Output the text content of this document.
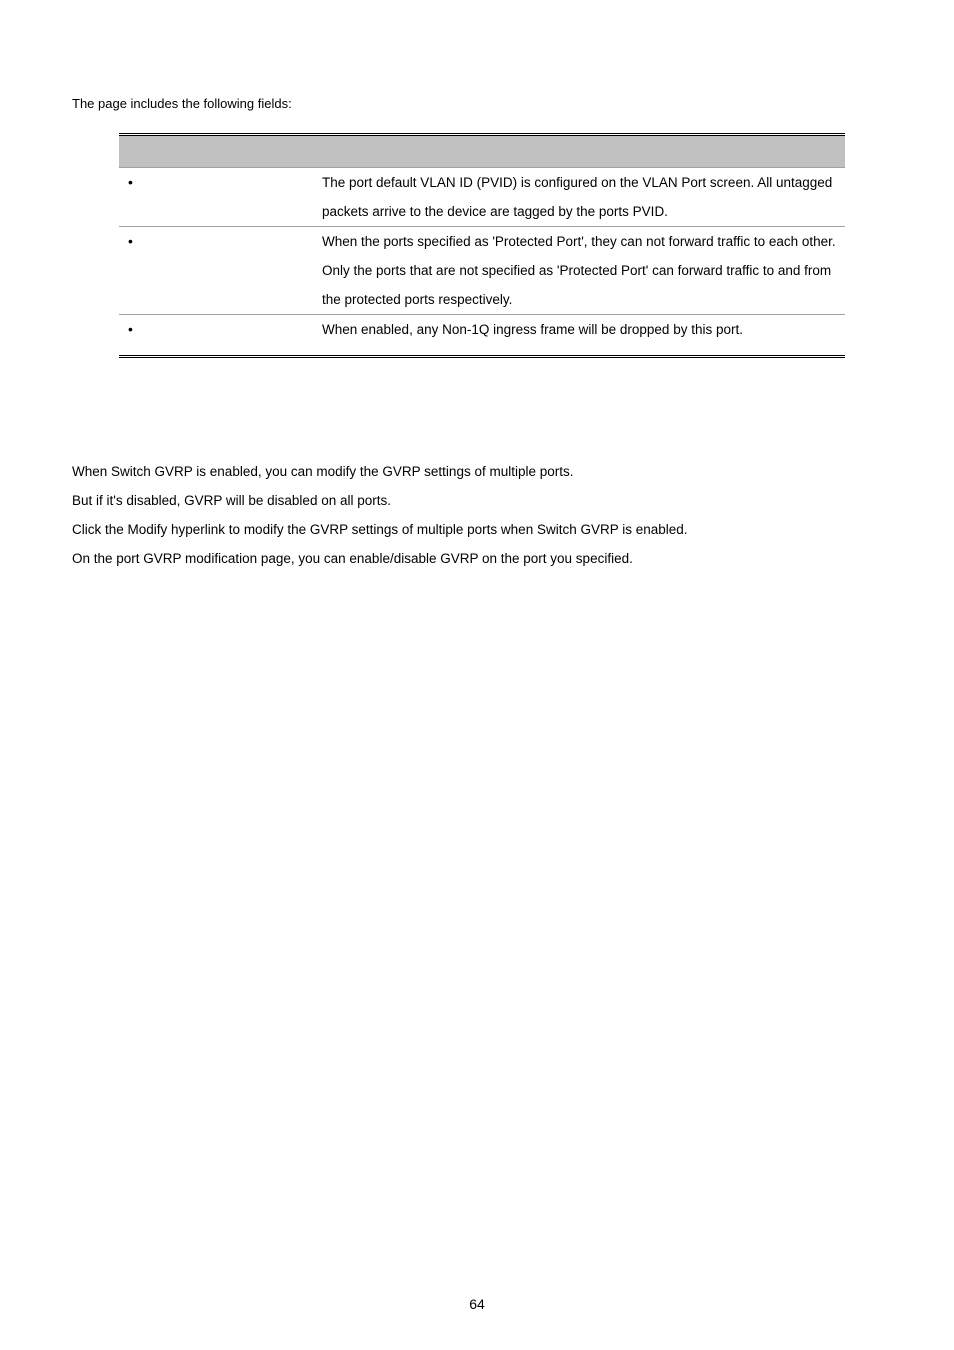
The page includes the following fields:

•	The port default VLAN ID (PVID) is configured on the VLAN Port screen. All untagged packets arrive to the device are tagged by the ports PVID.

•	When the ports specified as 'Protected Port', they can not forward traffic to each other. Only the ports that are not specified as 'Protected Port' can forward traffic to and from the protected ports respectively.

•	When enabled, any Non-1Q ingress frame will be dropped by this port.

When Switch GVRP is enabled, you can modify the GVRP settings of multiple ports.

But if it's disabled, GVRP will be disabled on all ports.

Click the Modify hyperlink to modify the GVRP settings of multiple ports when Switch GVRP is enabled.

On the port GVRP modification page, you can enable/disable GVRP on the port you specified.

64
